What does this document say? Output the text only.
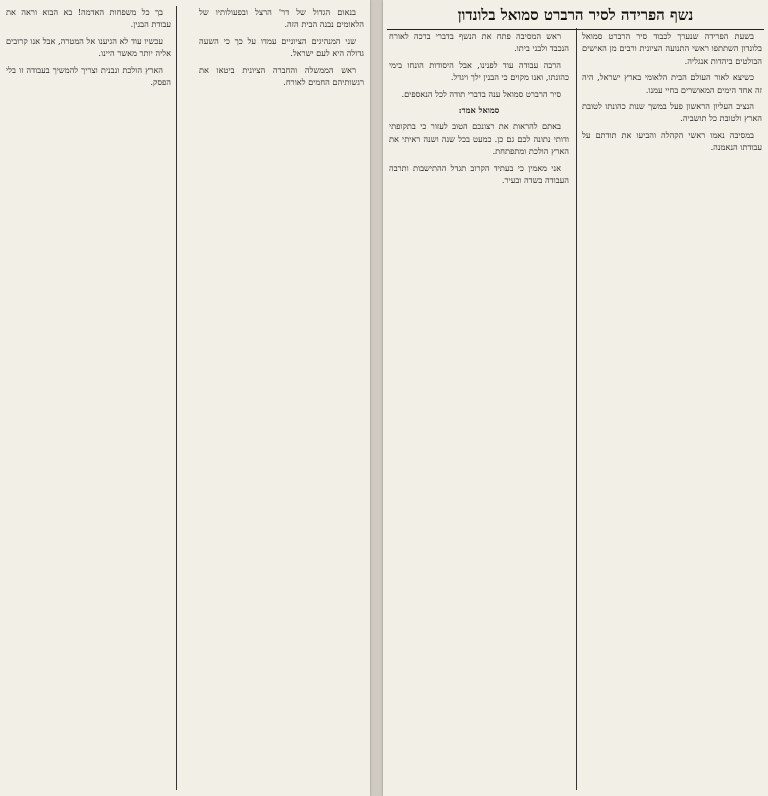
בנאום הגדול של דר' הרצל ובפעולותיו של הלאומים נבנה הבית הזה.

שני המנהיגים הציוניים עמדו על כך כי השעה גדולה היא לעם ישראל.

ראש הממשלה והחברה הציונית ביטאו את רגשותיהם החמים לאורח.

בך כל משפחות האדמה! בא הבוא וראה את עבודת הבנין.

עכשיו עוד לא הגיענו אל המטרה, אבל אנו קרובים אליה יותר מאשר היינו.

הארץ הולכת ונבנית וצריך להמשיך בעבודה זו בלי הפסק.

נשף הפרידה לסיר הרברט סמואל בלונדון

בשעת הפרידה שנערך לכבוד סיר הרברט סמואל בלונדון השתתפו ראשי התנועה הציונית ורבים מן האישים הבולטים ביהדות אנגליה.

כשיצא לאור העולם הבית הלאומי בארץ ישראל, היה זה אחד הימים המאושרים בחיי עמנו.

הנציב העליון הראשון פעל במשך שנות כהונתו לטובת הארץ ולטובת כל תושביה.

במסיבה נאמו ראשי הקהלה והביעו את תודתם על עבודתו הנאמנה.

ראש המסיבה פתח את הנשף בדברי ברכה לאורח הנכבד ולבני ביתו.

הרבה עבודה עוד לפנינו, אבל היסודות הונחו בימי כהונתו, ואנו מקוים כי הבנין ילך ויגדל.

סיר הרברט סמואל ענה בדברי תודה לכל הנאספים.

סמואל אמר:

באתם להראות את רצונכם הטוב לעזור כי בתקופתי ודותי נתונה לכם גם כן. כמעט בכל שנה ושנה ראיתי את הארץ הולכת ומתפתחת.

אני מאמין כי בעתיד הקרוב תגדל ההתישבות ותרבה העבודה בשדה ובעיר.
